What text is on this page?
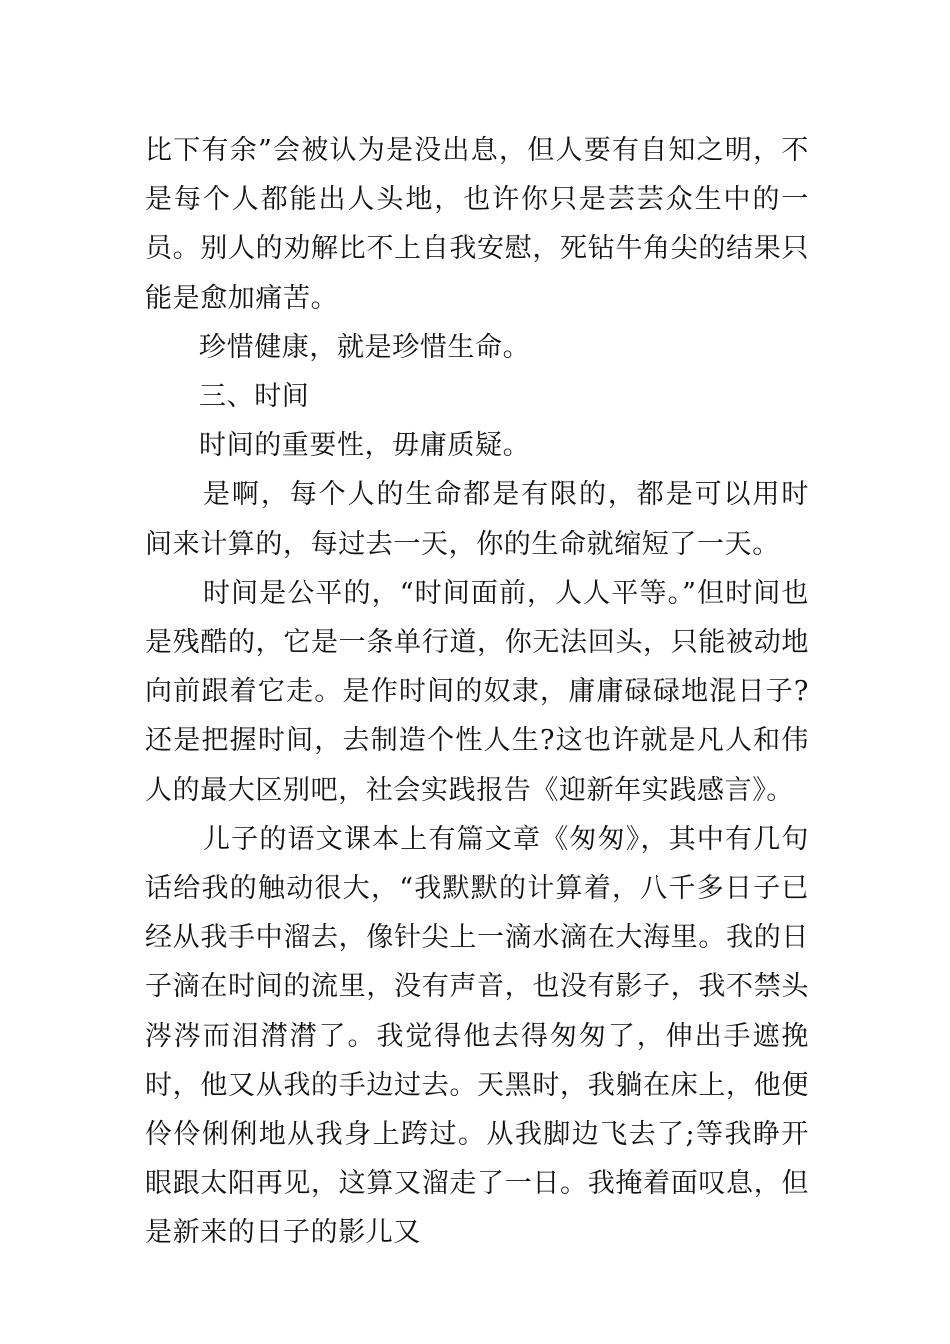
比下有余”会被认为是没出息，但人要有自知之明，不是每个人都能出人头地，也许你只是芸芸众生中的一员。别人的劝解比不上自我安慰，死钻牛角尖的结果只能是愈加痛苦。

珍惜健康，就是珍惜生命。

三、时间

时间的重要性，毋庸质疑。

是啊，每个人的生命都是有限的，都是可以用时间来计算的，每过去一天，你的生命就缩短了一天。

时间是公平的，“时间面前，人人平等。”但时间也是残酷的，它是一条单行道，你无法回头，只能被动地向前跟着它走。是作时间的奴隶，庸庸碌碌地混日子?还是把握时间，去制造个性人生?这也许就是凡人和伟人的最大区别吧，社会实践报告《迎新年实践感言》。

儿子的语文课本上有篇文章《匆匆》，其中有几句话给我的触动很大，“我默默的计算着，八千多日子已经从我手中溜去，像针尖上一滴水滴在大海里。我的日子滴在时间的流里，没有声音，也没有影子，我不禁头涔涔而泪潸潸了。我觉得他去得匆匆了，伸出手遮挽时，他又从我的手边过去。天黑时，我躺在床上，他便伶伶俐俐地从我身上跨过。从我脚边飞去了;等我睁开眼跟太阳再见，这算又溜走了一日。我掩着面叹息，但是新来的日子的影儿又
